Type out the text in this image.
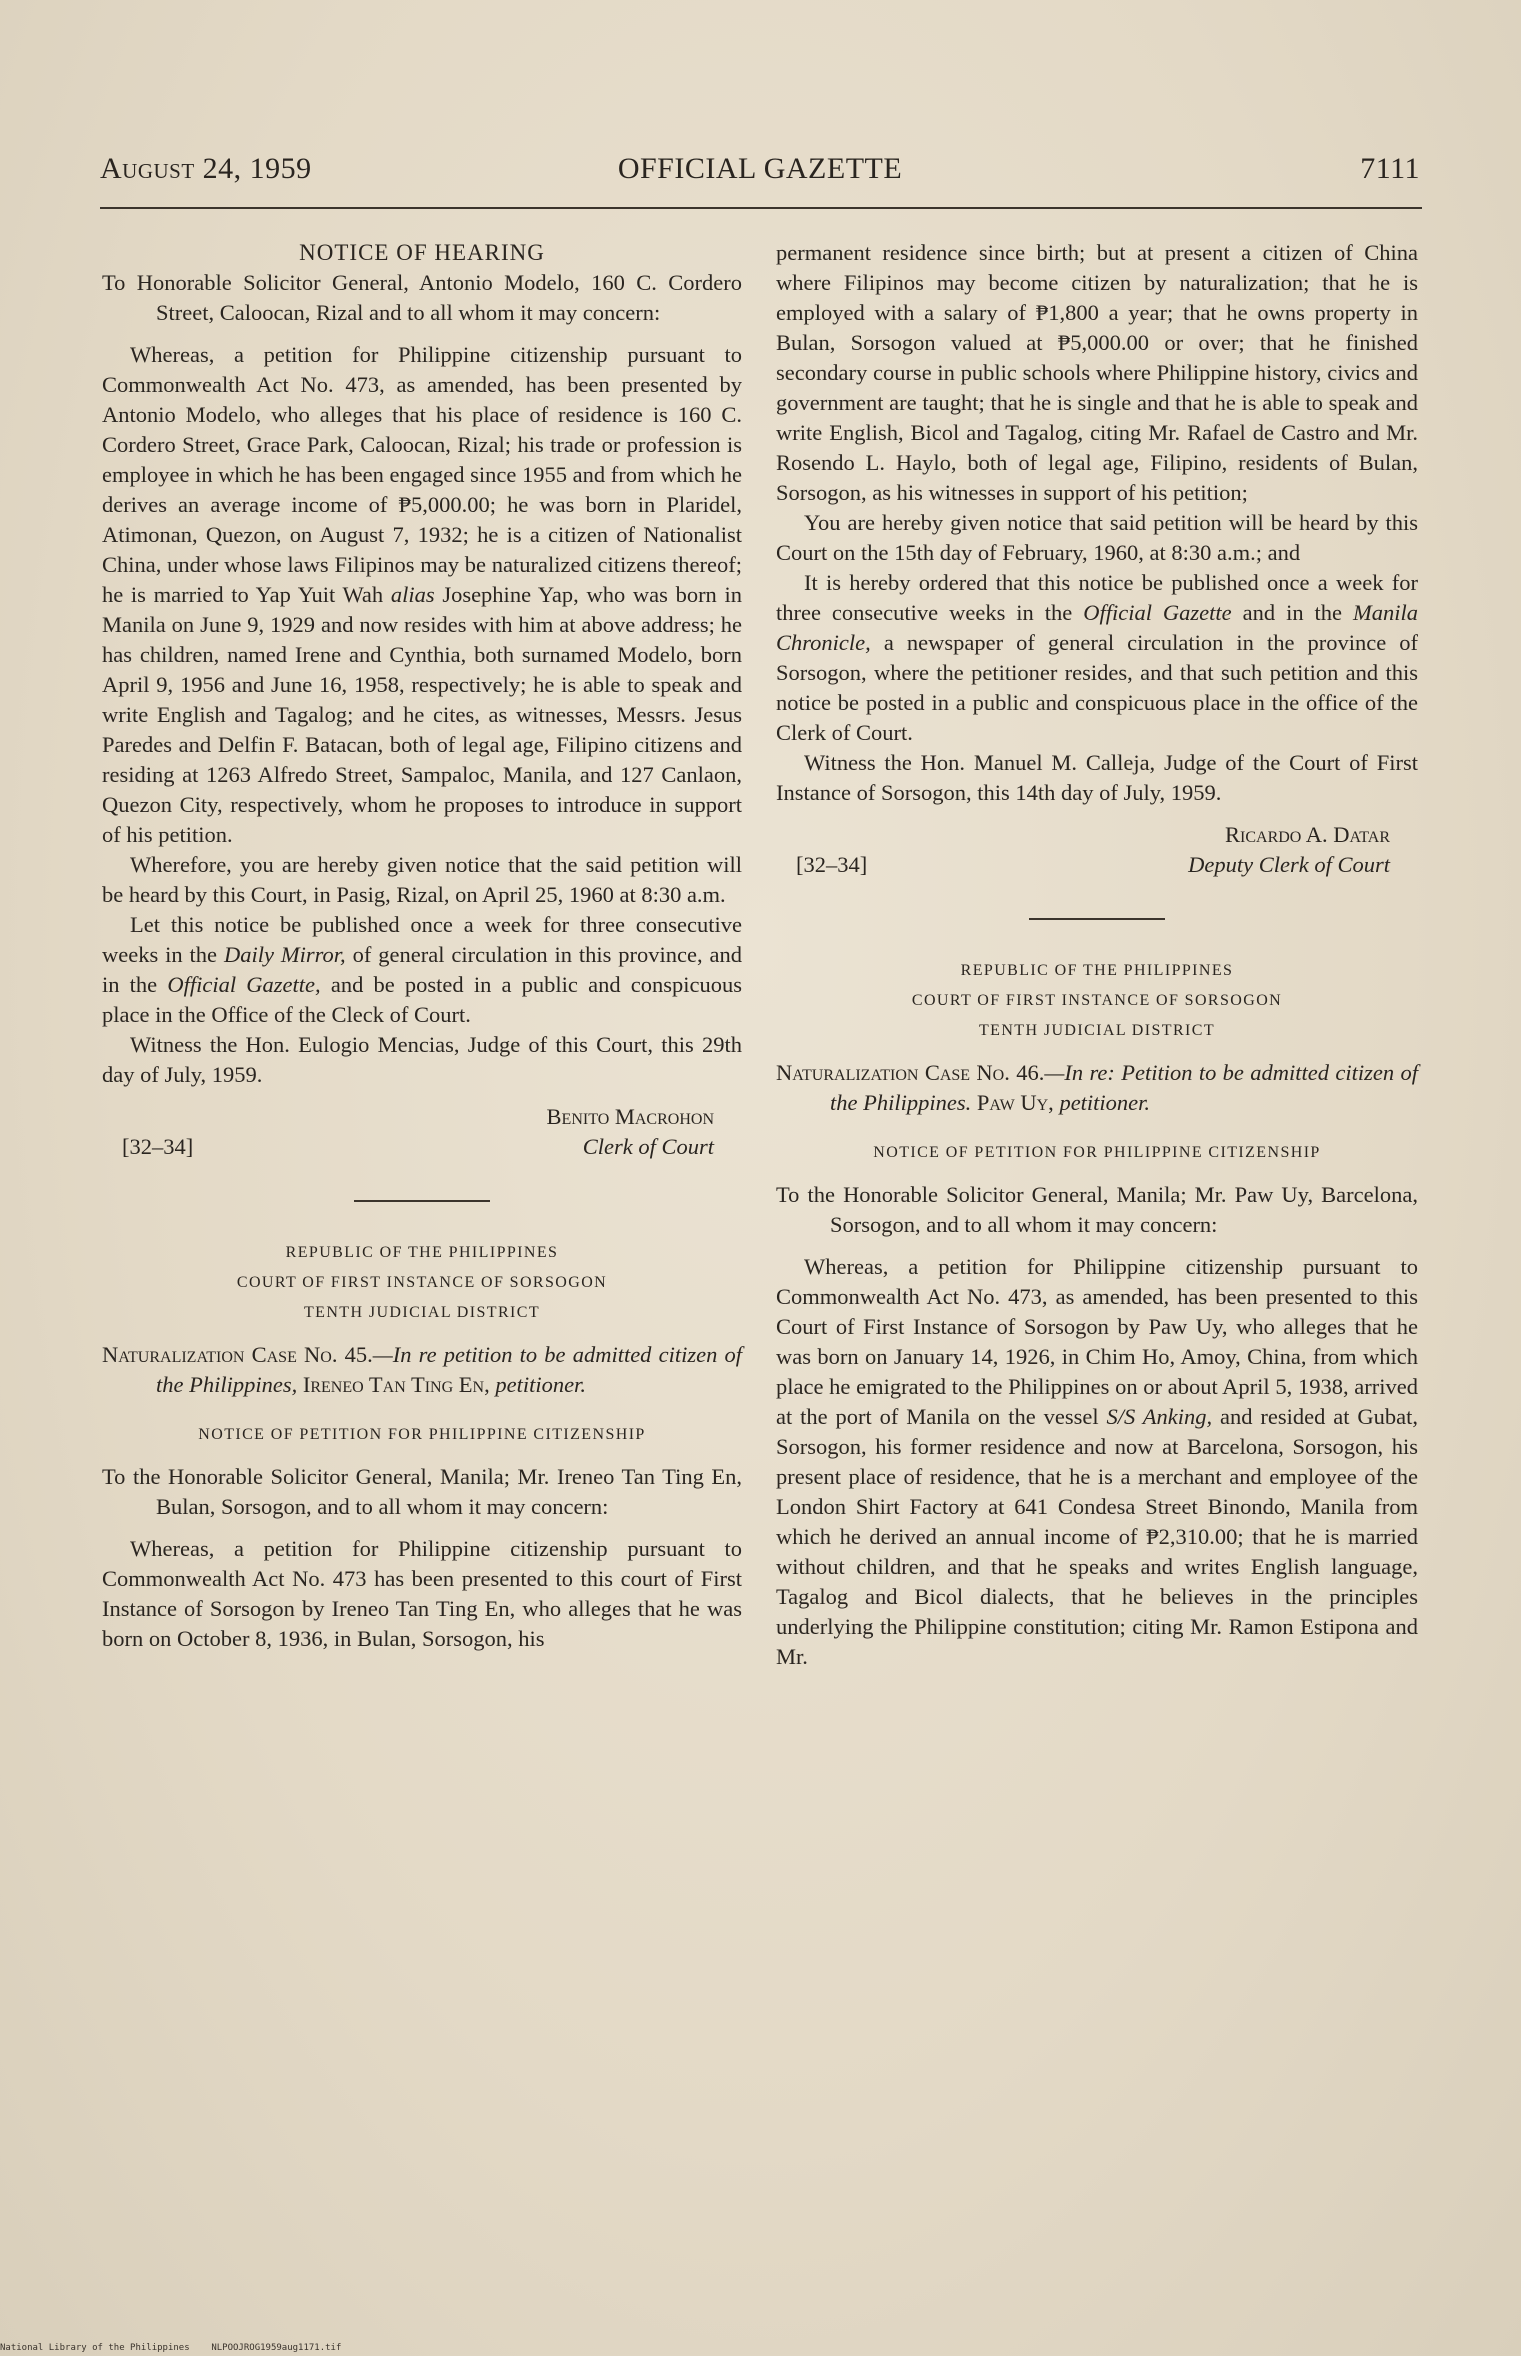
August 24, 1959	OFFICIAL GAZETTE	7111

NOTICE OF HEARING

To Honorable Solicitor General, Antonio Modelo, 160 C. Cordero Street, Caloocan, Rizal and to all whom it may concern:

Whereas, a petition for Philippine citizenship pursuant to Commonwealth Act No. 473, as amended, has been presented by Antonio Modelo, who alleges that his place of residence is 160 C. Cordero Street, Grace Park, Caloocan, Rizal; his trade or profession is employee in which he has been engaged since 1955 and from which he derives an average income of ₱5,000.00; he was born in Plaridel, Atimonan, Quezon, on August 7, 1932; he is a citizen of Nationalist China, under whose laws Filipinos may be naturalized citizens thereof; he is married to Yap Yuit Wah alias Josephine Yap, who was born in Manila on June 9, 1929 and now resides with him at above address; he has children, named Irene and Cynthia, both surnamed Modelo, born April 9, 1956 and June 16, 1958, respectively; he is able to speak and write English and Tagalog; and he cites, as witnesses, Messrs. Jesus Paredes and Delfin F. Batacan, both of legal age, Filipino citizens and residing at 1263 Alfredo Street, Sampaloc, Manila, and 127 Canlaon, Quezon City, respectively, whom he proposes to introduce in support of his petition.

Wherefore, you are hereby given notice that the said petition will be heard by this Court, in Pasig, Rizal, on April 25, 1960 at 8:30 a.m.

Let this notice be published once a week for three consecutive weeks in the Daily Mirror, of general circulation in this province, and in the Official Gazette, and be posted in a public and conspicuous place in the Office of the Cleck of Court.

Witness the Hon. Eulogio Mencias, Judge of this Court, this 29th day of July, 1959.

Benito Macrohon
[32–34]	Clerk of Court

REPUBLIC OF THE PHILIPPINES

COURT OF FIRST INSTANCE OF SORSOGON

TENTH JUDICIAL DISTRICT

Naturalization Case No. 45.—In re petition to be admitted citizen of the Philippines, Ireneo Tan Ting En, petitioner.

NOTICE OF PETITION FOR PHILIPPINE CITIZENSHIP

To the Honorable Solicitor General, Manila; Mr. Ireneo Tan Ting En, Bulan, Sorsogon, and to all whom it may concern:

Whereas, a petition for Philippine citizenship pursuant to Commonwealth Act No. 473 has been presented to this court of First Instance of Sorsogon by Ireneo Tan Ting En, who alleges that he was born on October 8, 1936, in Bulan, Sorsogon, his

permanent residence since birth; but at present a citizen of China where Filipinos may become citizen by naturalization; that he is employed with a salary of ₱1,800 a year; that he owns property in Bulan, Sorsogon valued at ₱5,000.00 or over; that he finished secondary course in public schools where Philippine history, civics and government are taught; that he is single and that he is able to speak and write English, Bicol and Tagalog, citing Mr. Rafael de Castro and Mr. Rosendo L. Haylo, both of legal age, Filipino, residents of Bulan, Sorsogon, as his witnesses in support of his petition;

You are hereby given notice that said petition will be heard by this Court on the 15th day of February, 1960, at 8:30 a.m.; and

It is hereby ordered that this notice be published once a week for three consecutive weeks in the Official Gazette and in the Manila Chronicle, a newspaper of general circulation in the province of Sorsogon, where the petitioner resides, and that such petition and this notice be posted in a public and conspicuous place in the office of the Clerk of Court.

Witness the Hon. Manuel M. Calleja, Judge of the Court of First Instance of Sorsogon, this 14th day of July, 1959.

Ricardo A. Datar
[32–34]	Deputy Clerk of Court

REPUBLIC OF THE PHILIPPINES

COURT OF FIRST INSTANCE OF SORSOGON

TENTH JUDICIAL DISTRICT

Naturalization Case No. 46.—In re: Petition to be admitted citizen of the Philippines. Paw Uy, petitioner.

NOTICE OF PETITION FOR PHILIPPINE CITIZENSHIP

To the Honorable Solicitor General, Manila; Mr. Paw Uy, Barcelona, Sorsogon, and to all whom it may concern:

Whereas, a petition for Philippine citizenship pursuant to Commonwealth Act No. 473, as amended, has been presented to this Court of First Instance of Sorsogon by Paw Uy, who alleges that he was born on January 14, 1926, in Chim Ho, Amoy, China, from which place he emigrated to the Philippines on or about April 5, 1938, arrived at the port of Manila on the vessel S/S Anking, and resided at Gubat, Sorsogon, his former residence and now at Barcelona, Sorsogon, his present place of residence, that he is a merchant and employee of the London Shirt Factory at 641 Condesa Street Binondo, Manila from which he derived an annual income of ₱2,310.00; that he is married without children, and that he speaks and writes English language, Tagalog and Bicol dialects, that he believes in the principles underlying the Philippine constitution; citing Mr. Ramon Estipona and Mr.

National Library of the Philippines NLPOOJROG1959aug1171.tif
